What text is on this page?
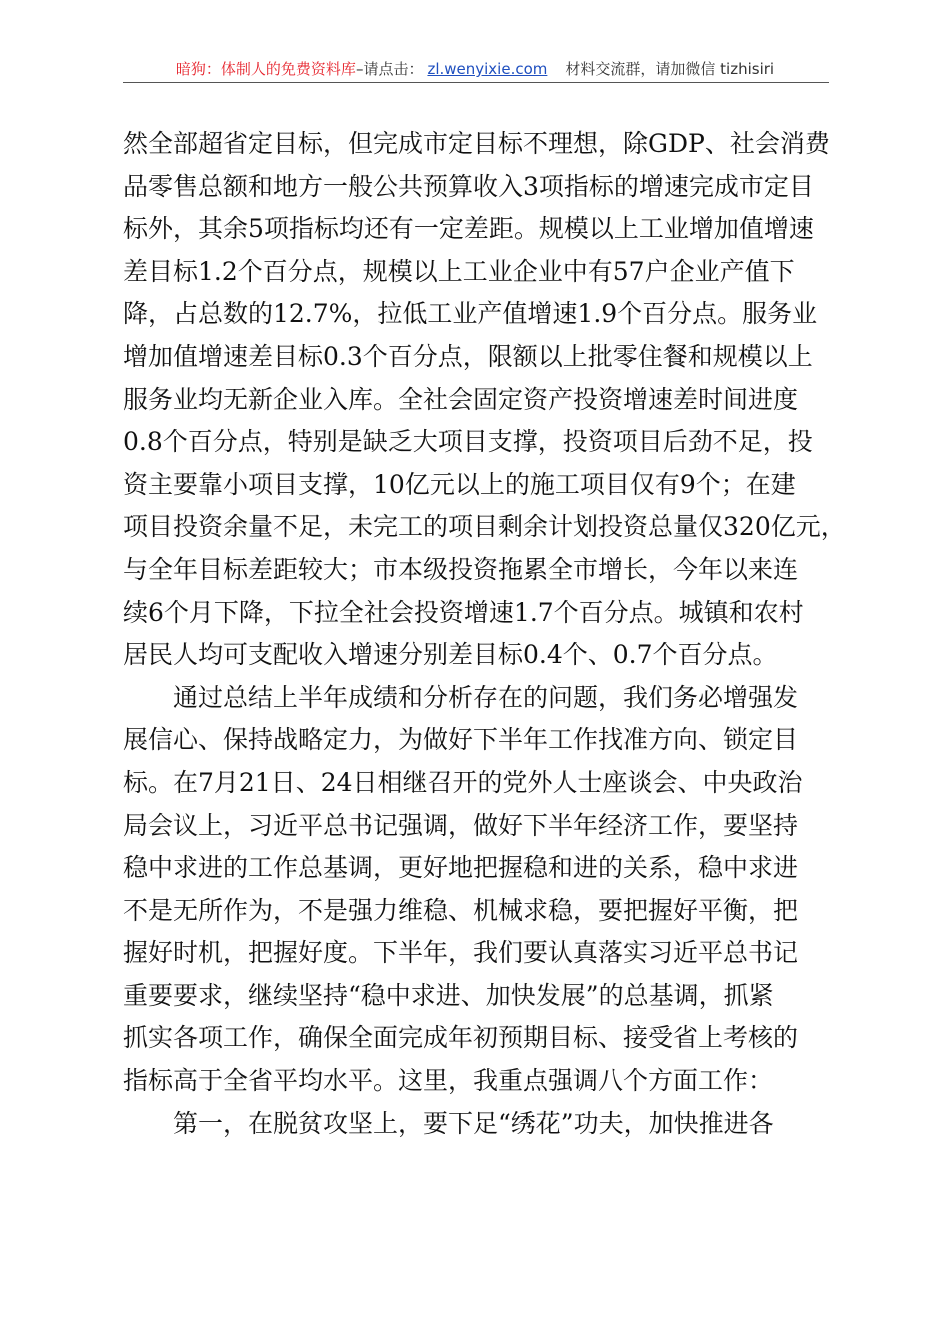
暗狗：体制人的免费资料库–请点击： zl.wenyixie.com 材料交流群，请加微信 tizhisiri
然全部超省定目标，但完成市定目标不理想，除GDP、社会消费
品零售总额和地方一般公共预算收入3项指标的增速完成市定目
标外，其余5项指标均还有一定差距。规模以上工业增加值增速
差目标1.2个百分点，规模以上工业企业中有57户企业产值下
降，占总数的12.7%，拉低工业产值增速1.9个百分点。服务业
增加值增速差目标0.3个百分点，限额以上批零住餐和规模以上
服务业均无新企业入库。全社会固定资产投资增速差时间进度
0.8个百分点，特别是缺乏大项目支撑，投资项目后劲不足，投
资主要靠小项目支撑，10亿元以上的施工项目仅有9个；在建
项目投资余量不足，未完工的项目剩余计划投资总量仅320亿元，
与全年目标差距较大；市本级投资拖累全市增长，今年以来连
续6个月下降，下拉全社会投资增速1.7个百分点。城镇和农村
居民人均可支配收入增速分别差目标0.4个、0.7个百分点。
通过总结上半年成绩和分析存在的问题，我们务必增强发
展信心、保持战略定力，为做好下半年工作找准方向、锁定目
标。在7月21日、24日相继召开的党外人士座谈会、中央政治
局会议上，习近平总书记强调，做好下半年经济工作，要坚持
稳中求进的工作总基调，更好地把握稳和进的关系，稳中求进
不是无所作为，不是强力维稳、机械求稳，要把握好平衡，把
握好时机，把握好度。下半年，我们要认真落实习近平总书记
重要要求，继续坚持“稳中求进、加快发展”的总基调，抓紧
抓实各项工作，确保全面完成年初预期目标、接受省上考核的
指标高于全省平均水平。这里，我重点强调八个方面工作：
第一，在脱贫攻坚上，要下足“绣花”功夫，加快推进各
